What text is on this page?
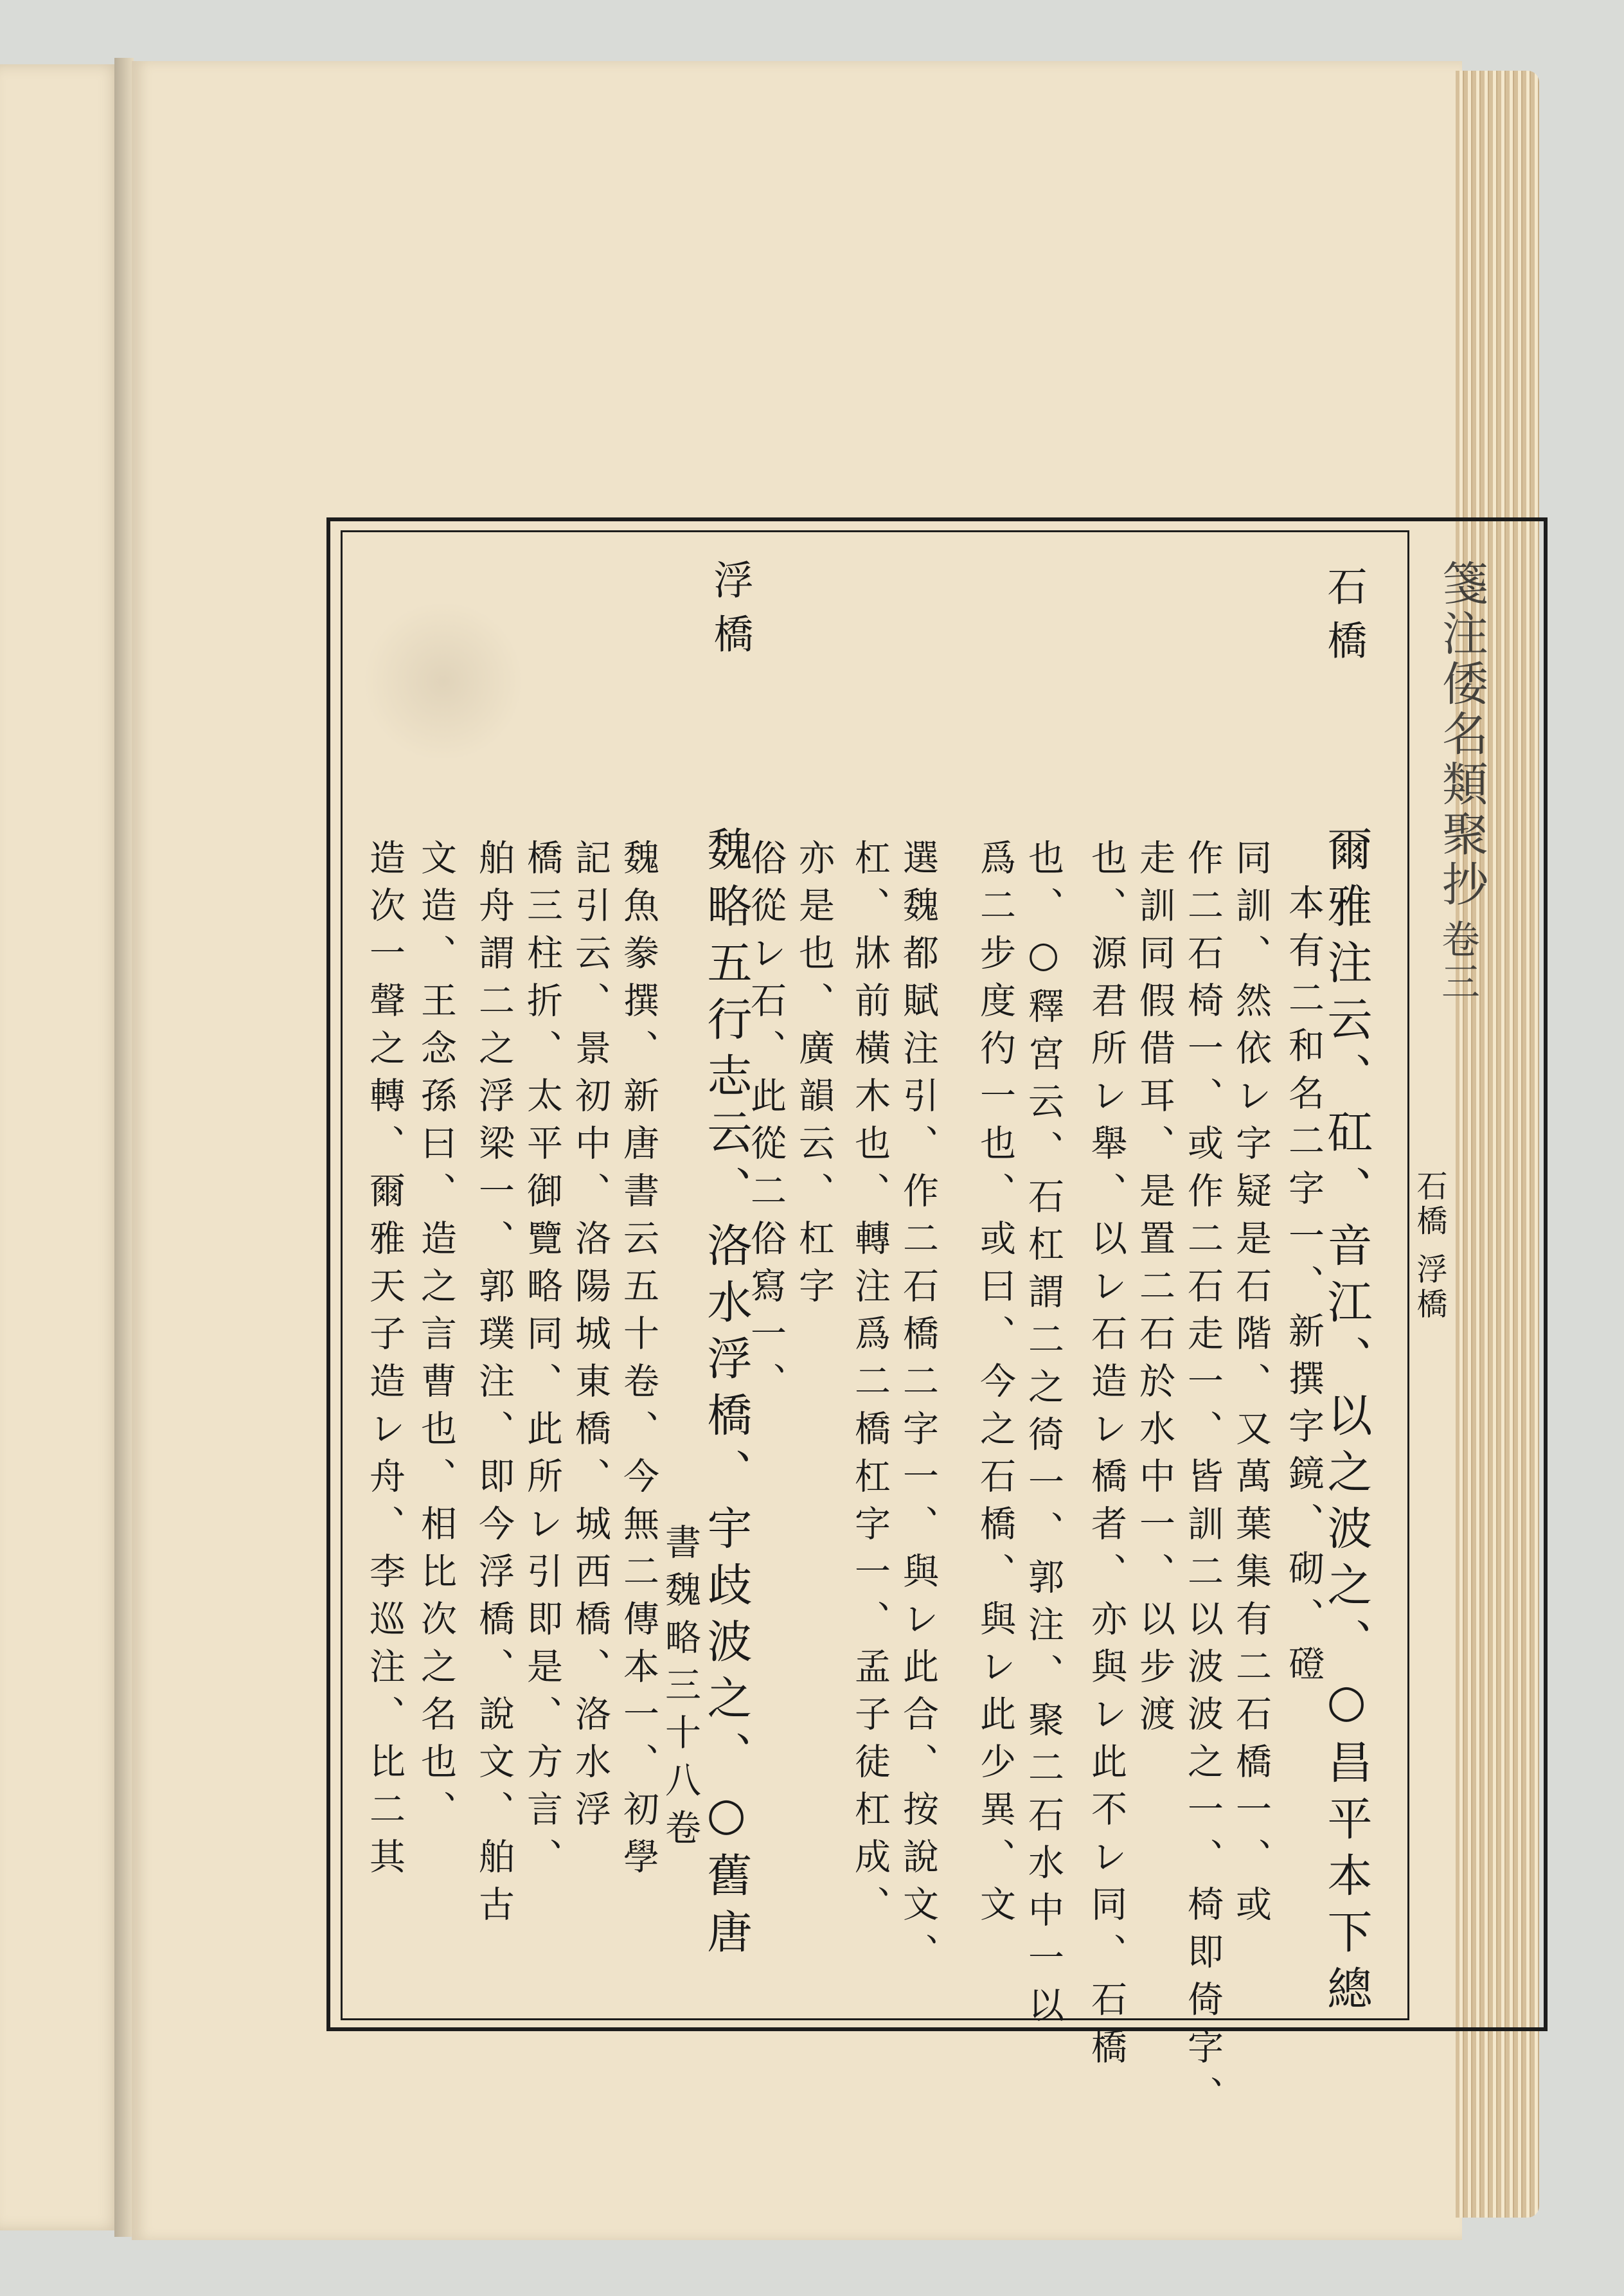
箋注倭名類聚抄
卷三
石橋 浮橋
石橋
爾雅注云、矼、音江、以之波之、○昌平本下總
本有二和名二字一、新撰字鏡、砌、磴
同訓、然依レ字疑是石階、又萬葉集有二石橋一、或
作二石椅一、或作二石走一、皆訓二以波波之一、椅即倚字、
走訓同假借耳、是置二石於水中一、以步渡
也、源君所レ舉、以レ石造レ橋者、亦與レ此不レ同、石橋
也、○釋宮云、石杠謂二之徛一、郭注、聚二石水中一以
爲二步度彴一也、或曰、今之石橋、與レ此少異、文
選魏都賦注引、作二石橋二字一、與レ此合、按說文、
杠、牀前橫木也、轉注爲二橋杠字一、孟子徒杠成、
亦是也、廣韻云、杠字
俗從レ石、此從二俗寫一、
浮橋
魏略五行志云、洛水浮橋、宇歧波之、○舊唐
書魏略三十八卷
魏魚豢撰、新唐書云五十卷、今無二傳本一、初學
記引云、景初中、洛陽城東橋、城西橋、洛水浮
橋三柱折、太平御覽略同、此所レ引即是、方言、
舶舟謂二之浮梁一、郭璞注、即今浮橋、說文、舶古
文造、王念孫曰、造之言曹也、相比次之名也、
造次一聲之轉、爾雅天子造レ舟、李巡注、比二其
